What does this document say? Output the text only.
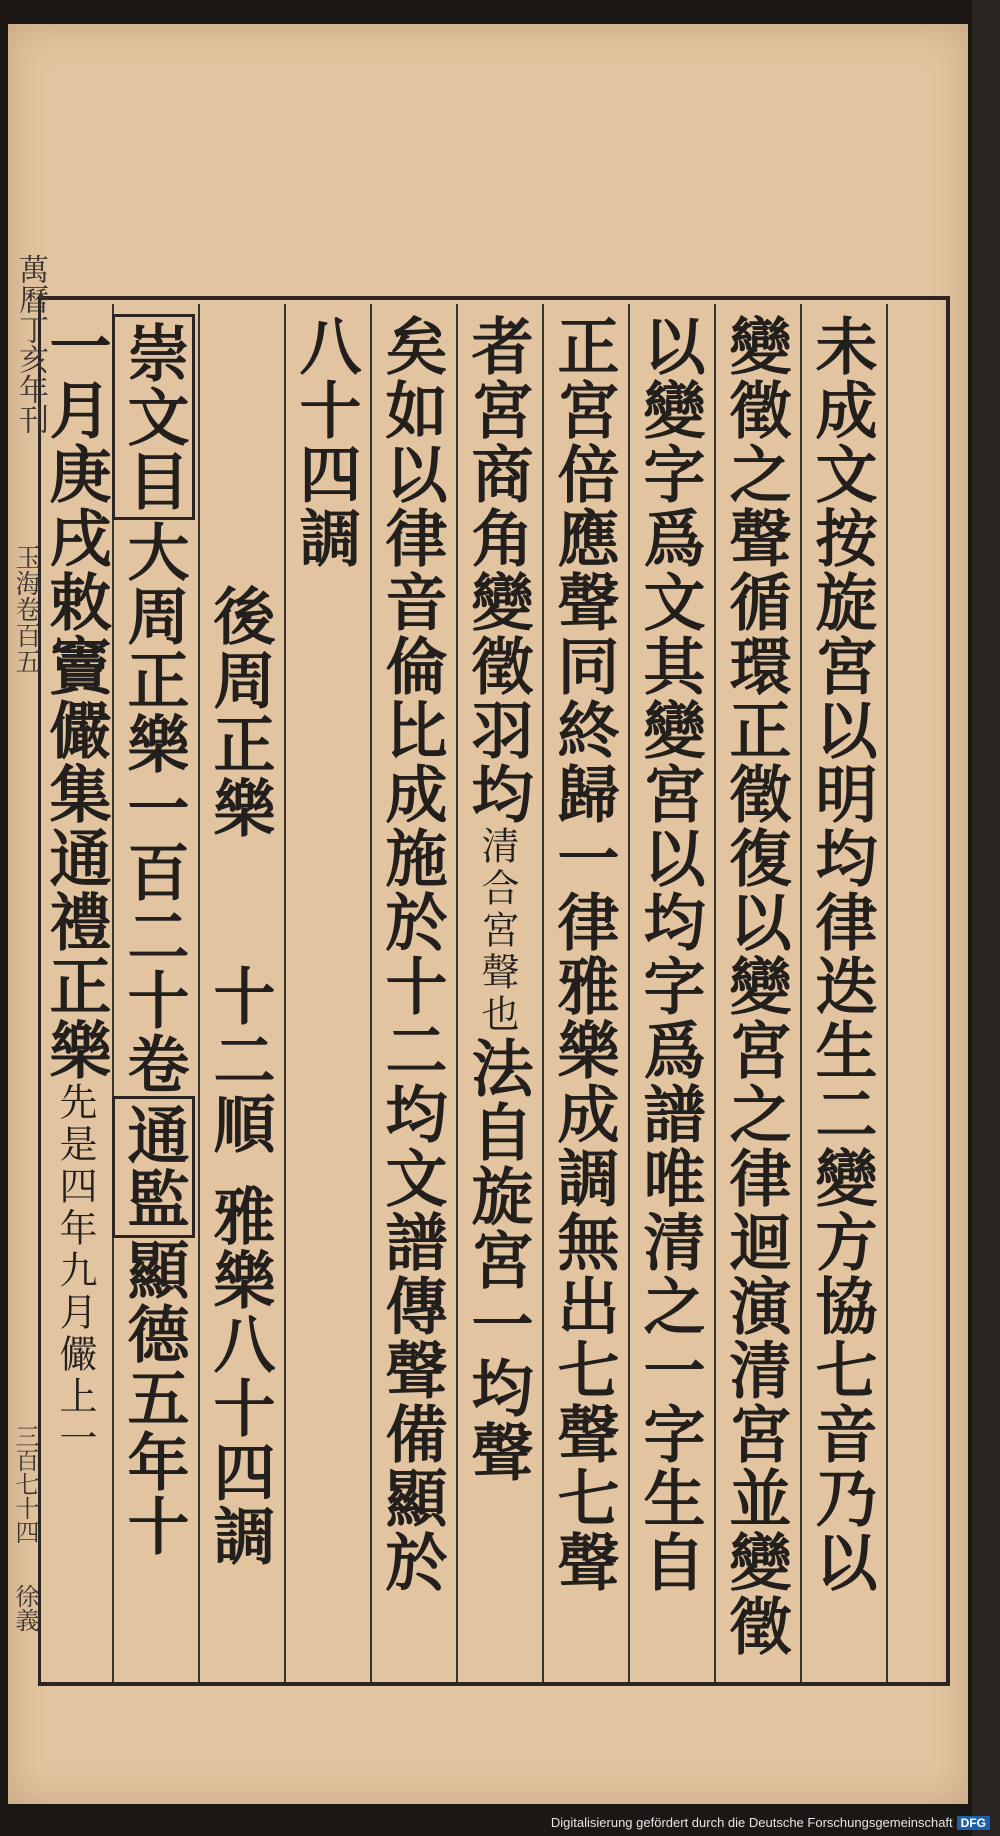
萬曆丁亥年刊
玉海卷百五
三百七十四
徐義
未成文按旋宮以明均律迭生二變方協七音乃以
變徵之聲循環正徵復以變宮之律迴演清宮並變徵
以變字爲文其變宮以均字爲譜唯清之一字生自
正宮倍應聲同終歸一律雅樂成調無出七聲七聲
者宮商角變徵羽均清合宮聲也法自旋宮一均聲
矣如以律音倫比成施於十二均文譜傳聲備顯於
八十四調
後周正樂
十二順
雅樂八十四調
崇文目大周正樂一百二十卷通監顯德五年十
一月庚戌敕竇儼集通禮正樂先是四年九月儼上一
Digitalisierung gefördert durch die Deutsche Forschungsgemeinschaft DFG
